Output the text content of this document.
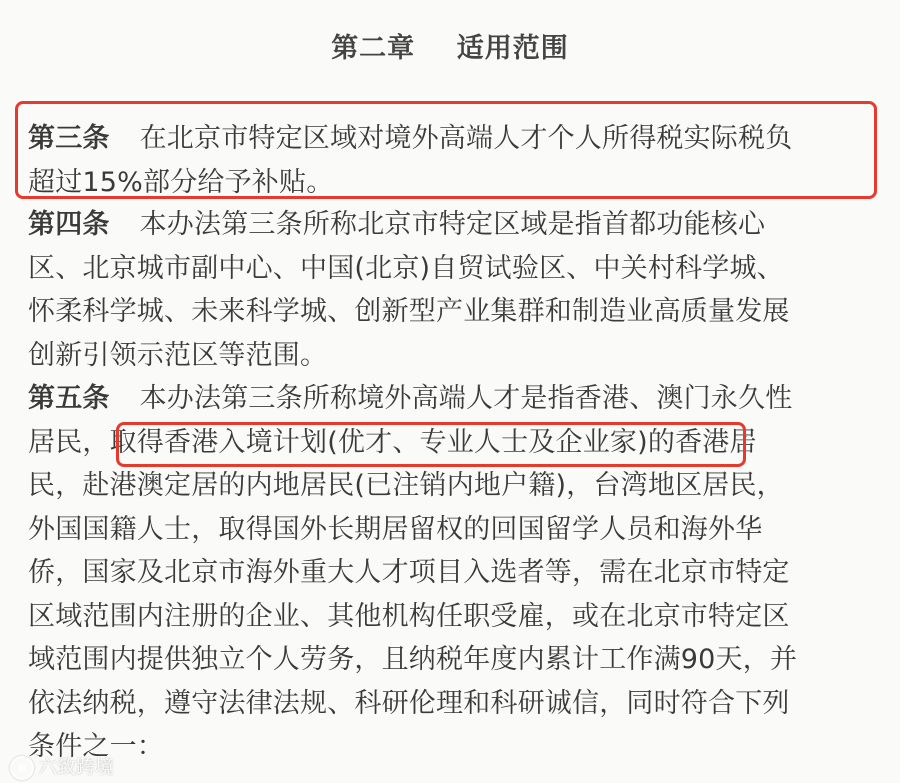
第二章    适用范围
第三条 在北京市特定区域对境外高端人才个人所得税实际税负
超过15%部分给予补贴。
第四条 本办法第三条所称北京市特定区域是指首都功能核心
区、北京城市副中心、中国(北京)自贸试验区、中关村科学城、
怀柔科学城、未来科学城、创新型产业集群和制造业高质量发展
创新引领示范区等范围。
第五条 本办法第三条所称境外高端人才是指香港、澳门永久性
居民，取得香港入境计划(优才、专业人士及企业家)的香港居
民，赴港澳定居的内地居民(已注销内地户籍)，台湾地区居民，
外国国籍人士，取得国外长期居留权的回国留学人员和海外华
侨，国家及北京市海外重大人才项目入选者等，需在北京市特定
区域范围内注册的企业、其他机构任职受雇，或在北京市特定区
域范围内提供独立个人劳务，且纳税年度内累计工作满90天，并
依法纳税，遵守法律法规、科研伦理和科研诚信，同时符合下列
条件之一：
六致跨境
